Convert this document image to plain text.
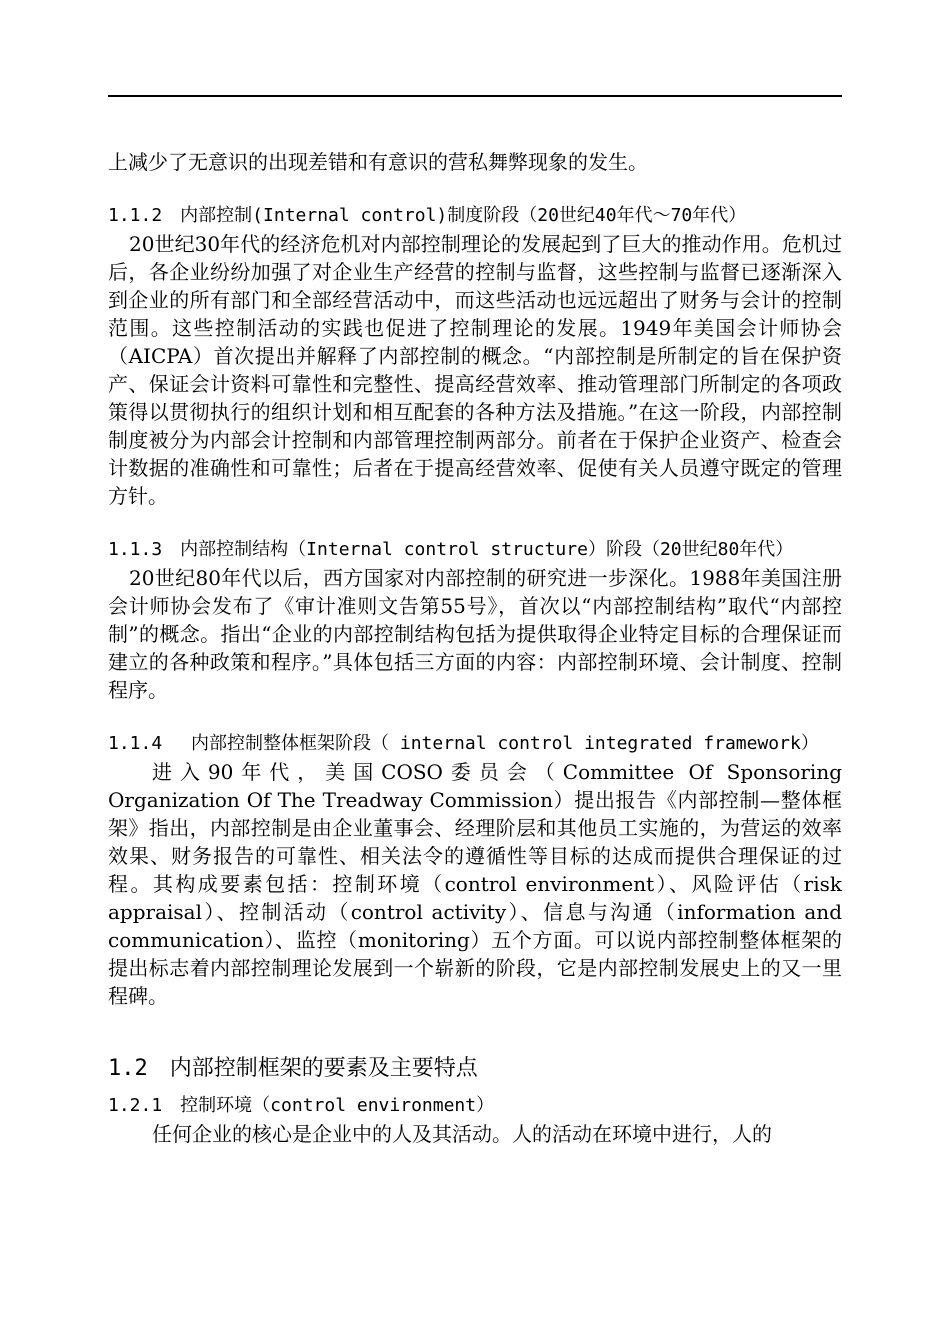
上减少了无意识的出现差错和有意识的营私舞弊现象的发生。

1.1.2　内部控制(Internal control)制度阶段（20世纪40年代～70年代）

20世纪30年代的经济危机对内部控制理论的发展起到了巨大的推动作用。危机过后，各企业纷纷加强了对企业生产经营的控制与监督，这些控制与监督已逐渐深入到企业的所有部门和全部经营活动中，而这些活动也远远超出了财务与会计的控制范围。这些控制活动的实践也促进了控制理论的发展。1949年美国会计师协会（AICPA）首次提出并解释了内部控制的概念。“内部控制是所制定的旨在保护资产、保证会计资料可靠性和完整性、提高经营效率、推动管理部门所制定的各项政策得以贯彻执行的组织计划和相互配套的各种方法及措施。”在这一阶段，内部控制制度被分为内部会计控制和内部管理控制两部分。前者在于保护企业资产、检查会计数据的准确性和可靠性；后者在于提高经营效率、促使有关人员遵守既定的管理方针。

1.1.3　内部控制结构（Internal control structure）阶段（20世纪80年代）

20世纪80年代以后，西方国家对内部控制的研究进一步深化。1988年美国注册会计师协会发布了《审计准则文告第55号》，首次以“内部控制结构”取代“内部控制”的概念。指出“企业的内部控制结构包括为提供取得企业特定目标的合理保证而建立的各种政策和程序。”具体包括三方面的内容：内部控制环境、会计制度、控制程序。

1.1.4　 内部控制整体框架阶段（ internal control integrated framework）

进入90年代，美国COSO委员会（Committee Of Sponsoring Organization Of The Treadway Commission）提出报告《内部控制—整体框架》指出，内部控制是由企业董事会、经理阶层和其他员工实施的，为营运的效率效果、财务报告的可靠性、相关法令的遵循性等目标的达成而提供合理保证的过程。其构成要素包括：控制环境（control environment）、风险评估（risk appraisal）、控制活动（control activity）、信息与沟通（information and communication）、监控（monitoring）五个方面。可以说内部控制整体框架的提出标志着内部控制理论发展到一个崭新的阶段，它是内部控制发展史上的又一里程碑。

1.2　内部控制框架的要素及主要特点
1.2.1　控制环境（control environment）

任何企业的核心是企业中的人及其活动。人的活动在环境中进行，人的
